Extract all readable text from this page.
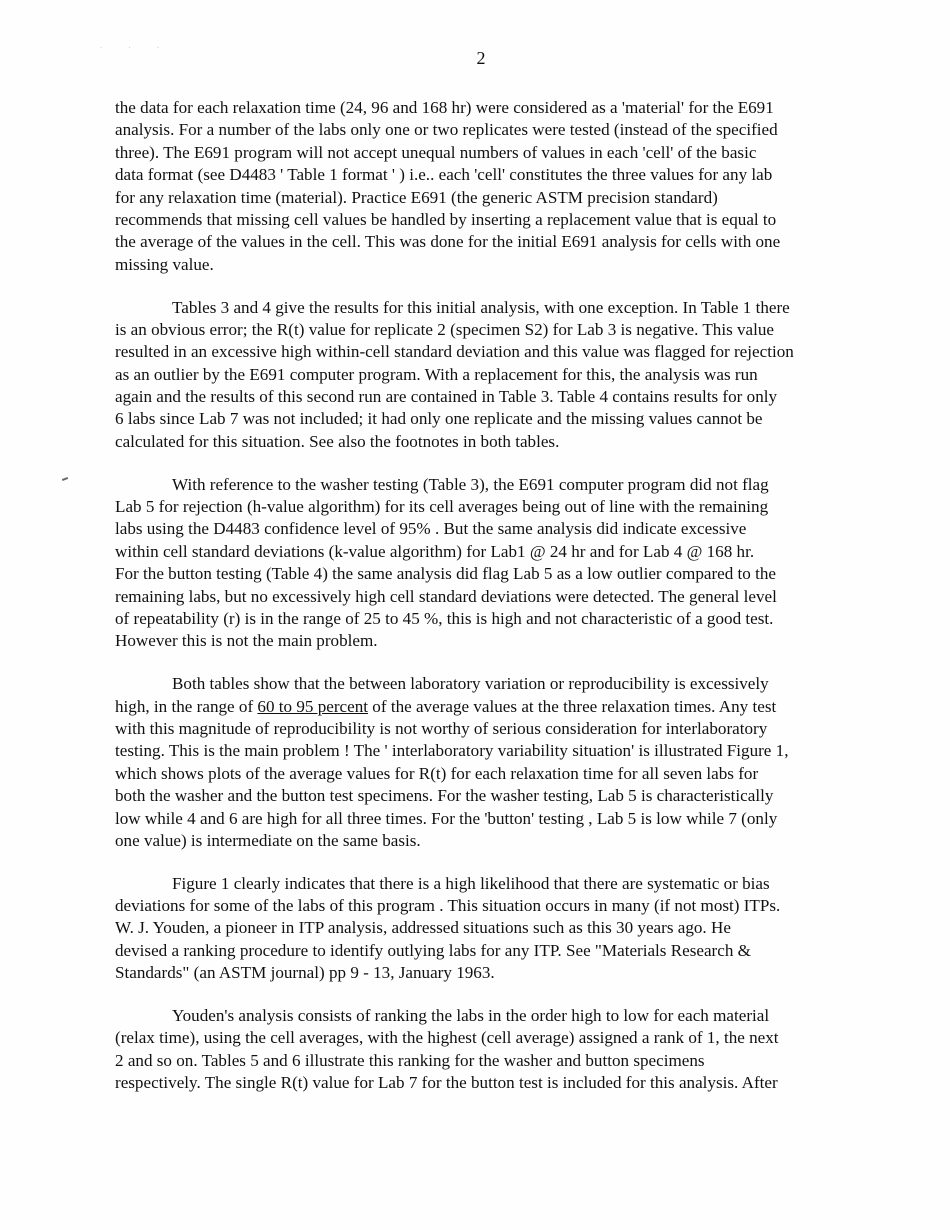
. . .
2

the data for each relaxation time (24, 96 and 168 hr) were considered as a 'material' for the E691
analysis. For a number of the labs only one or two replicates were tested (instead of the specified
three). The E691 program will not accept unequal numbers of values in each 'cell' of the basic
data format (see D4483 ' Table 1 format ' ) i.e.. each 'cell' constitutes the three values for any lab
for any relaxation time (material). Practice E691 (the generic ASTM precision standard)
recommends that missing cell values be handled by inserting a replacement value that is equal to
the average of the values in the cell. This was done for the initial E691 analysis for cells with one
missing value.

Tables 3 and 4 give the results for this initial analysis, with one exception. In Table 1 there
is an obvious error; the R(t) value for replicate 2 (specimen S2) for Lab 3 is negative. This value
resulted in an excessive high within-cell standard deviation and this value was flagged for rejection
as an outlier by the E691 computer program. With a replacement for this, the analysis was run
again and the results of this second run are contained in Table 3. Table 4 contains results for only
6 labs since Lab 7 was not included; it had only one replicate and the missing values cannot be
calculated for this situation. See also the footnotes in both tables.

With reference to the washer testing (Table 3), the E691 computer program did not flag
Lab 5 for rejection (h-value algorithm) for its cell averages being out of line with the remaining
labs using the D4483 confidence level of 95% . But the same analysis did indicate excessive
within cell standard deviations (k-value algorithm) for Lab1 @ 24 hr and for Lab 4 @ 168 hr.
For the button testing (Table 4) the same analysis did flag Lab 5 as a low outlier compared to the
remaining labs, but no excessively high cell standard deviations were detected. The general level
of repeatability (r) is in the range of 25 to 45 %, this is high and not characteristic of a good test.
However this is not the main problem.

Both tables show that the between laboratory variation or reproducibility is excessively
high, in the range of 60 to 95 percent of the average values at the three relaxation times. Any test
with this magnitude of reproducibility is not worthy of serious consideration for interlaboratory
testing. This is the main problem ! The ' interlaboratory variability situation' is illustrated Figure 1,
which shows plots of the average values for R(t) for each relaxation time for all seven labs for
both the washer and the button test specimens. For the washer testing, Lab 5 is characteristically
low while 4 and 6 are high for all three times. For the 'button' testing , Lab 5 is low while 7 (only
one value) is intermediate on the same basis.

Figure 1 clearly indicates that there is a high likelihood that there are systematic or bias
deviations for some of the labs of this program . This situation occurs in many (if not most) ITPs.
W. J. Youden, a pioneer in ITP analysis, addressed situations such as this 30 years ago. He
devised a ranking procedure to identify outlying labs for any ITP. See "Materials Research &
Standards" (an ASTM journal) pp 9 - 13, January 1963.

Youden's analysis consists of ranking the labs in the order high to low for each material
(relax time), using the cell averages, with the highest (cell average) assigned a rank of 1, the next
2 and so on. Tables 5 and 6 illustrate this ranking for the washer and button specimens
respectively. The single R(t) value for Lab 7 for the button test is included for this analysis. After
